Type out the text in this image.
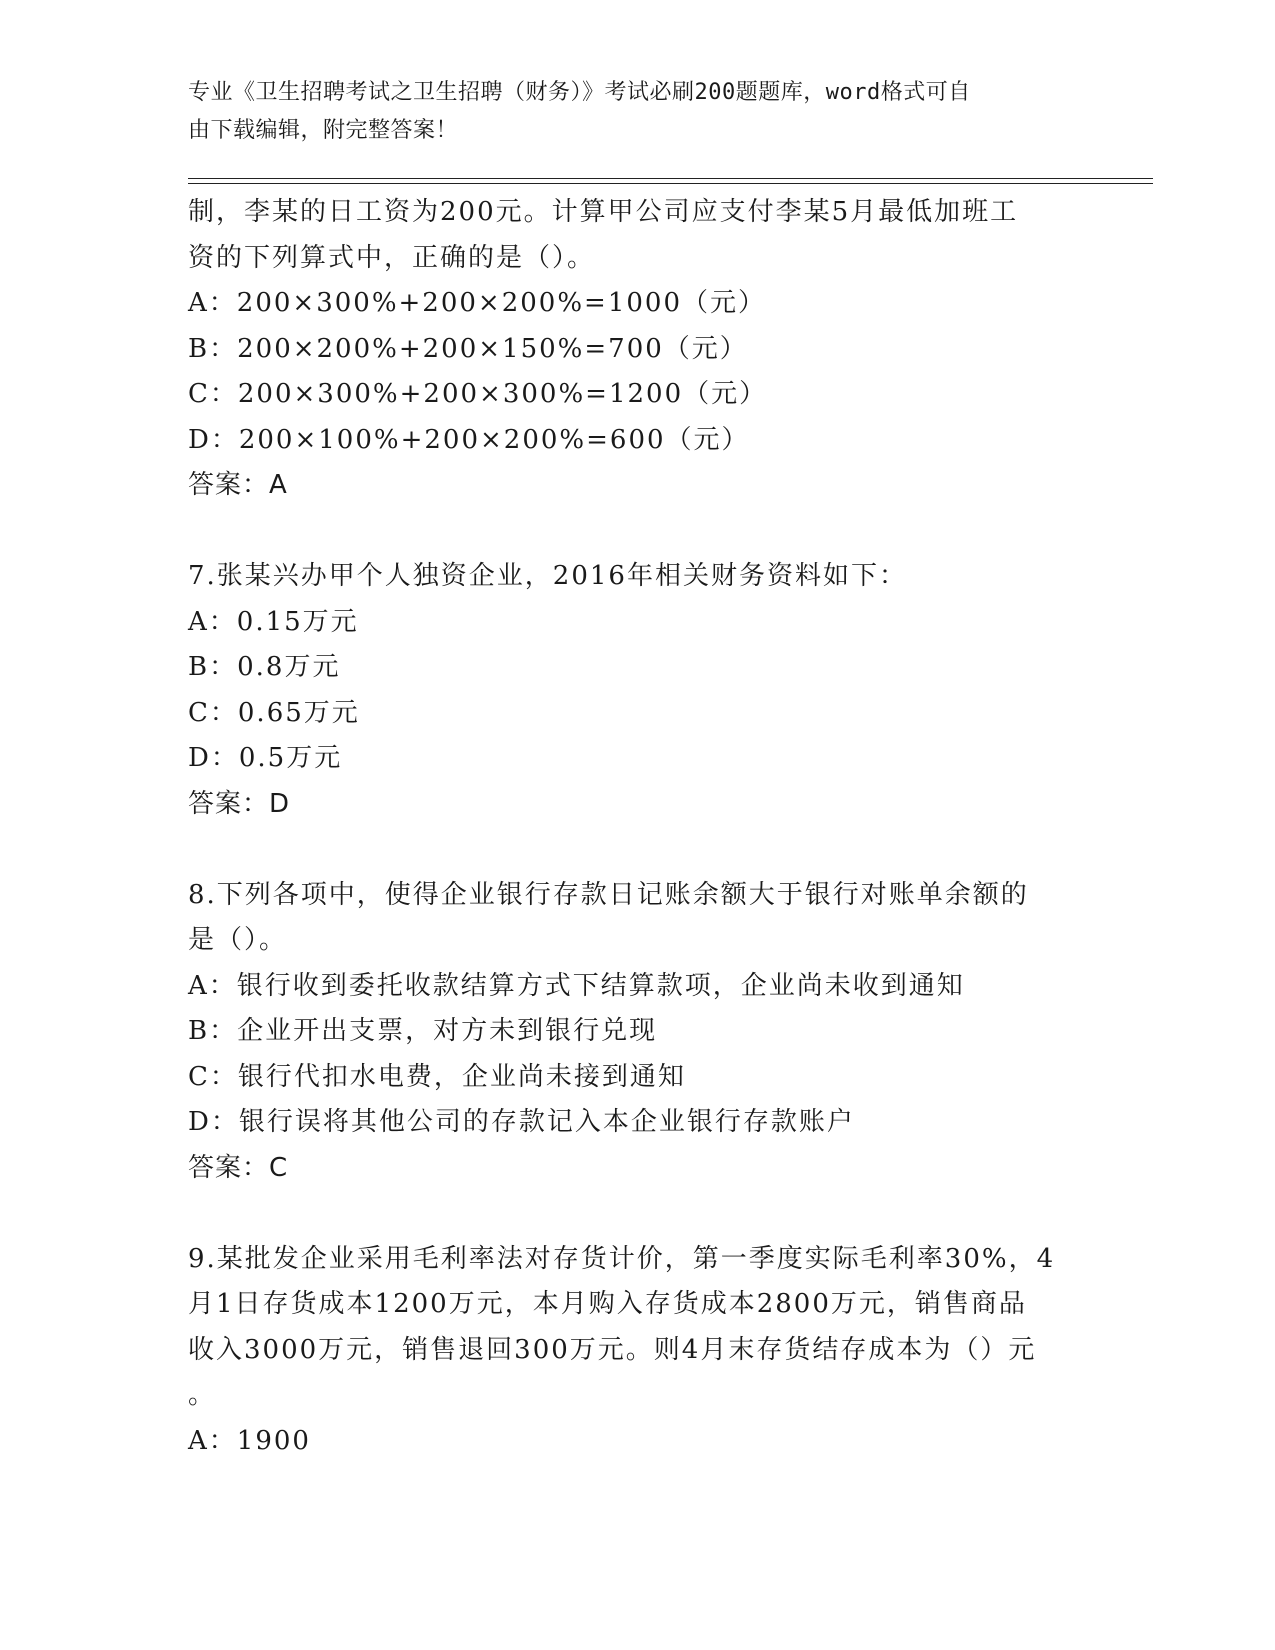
专业《卫生招聘考试之卫生招聘（财务）》考试必刷200题题库，word格式可自
由下载编辑，附完整答案！
制，李某的日工资为200元。计算甲公司应支付李某5月最低加班工
资的下列算式中，正确的是（）。
A：200×300%+200×200%=1000（元）
B：200×200%+200×150%=700（元）
C：200×300%+200×300%=1200（元）
D：200×100%+200×200%=600（元）
答案：A
7.张某兴办甲个人独资企业，2016年相关财务资料如下：
A：0.15万元
B：0.8万元
C：0.65万元
D：0.5万元
答案：D
8.下列各项中，使得企业银行存款日记账余额大于银行对账单余额的
是（）。
A：银行收到委托收款结算方式下结算款项，企业尚未收到通知
B：企业开出支票，对方未到银行兑现
C：银行代扣水电费，企业尚未接到通知
D：银行误将其他公司的存款记入本企业银行存款账户
答案：C
9.某批发企业采用毛利率法对存货计价，第一季度实际毛利率30%，4
月1日存货成本1200万元，本月购入存货成本2800万元，销售商品
收入3000万元，销售退回300万元。则4月末存货结存成本为（）元
。
A：1900
